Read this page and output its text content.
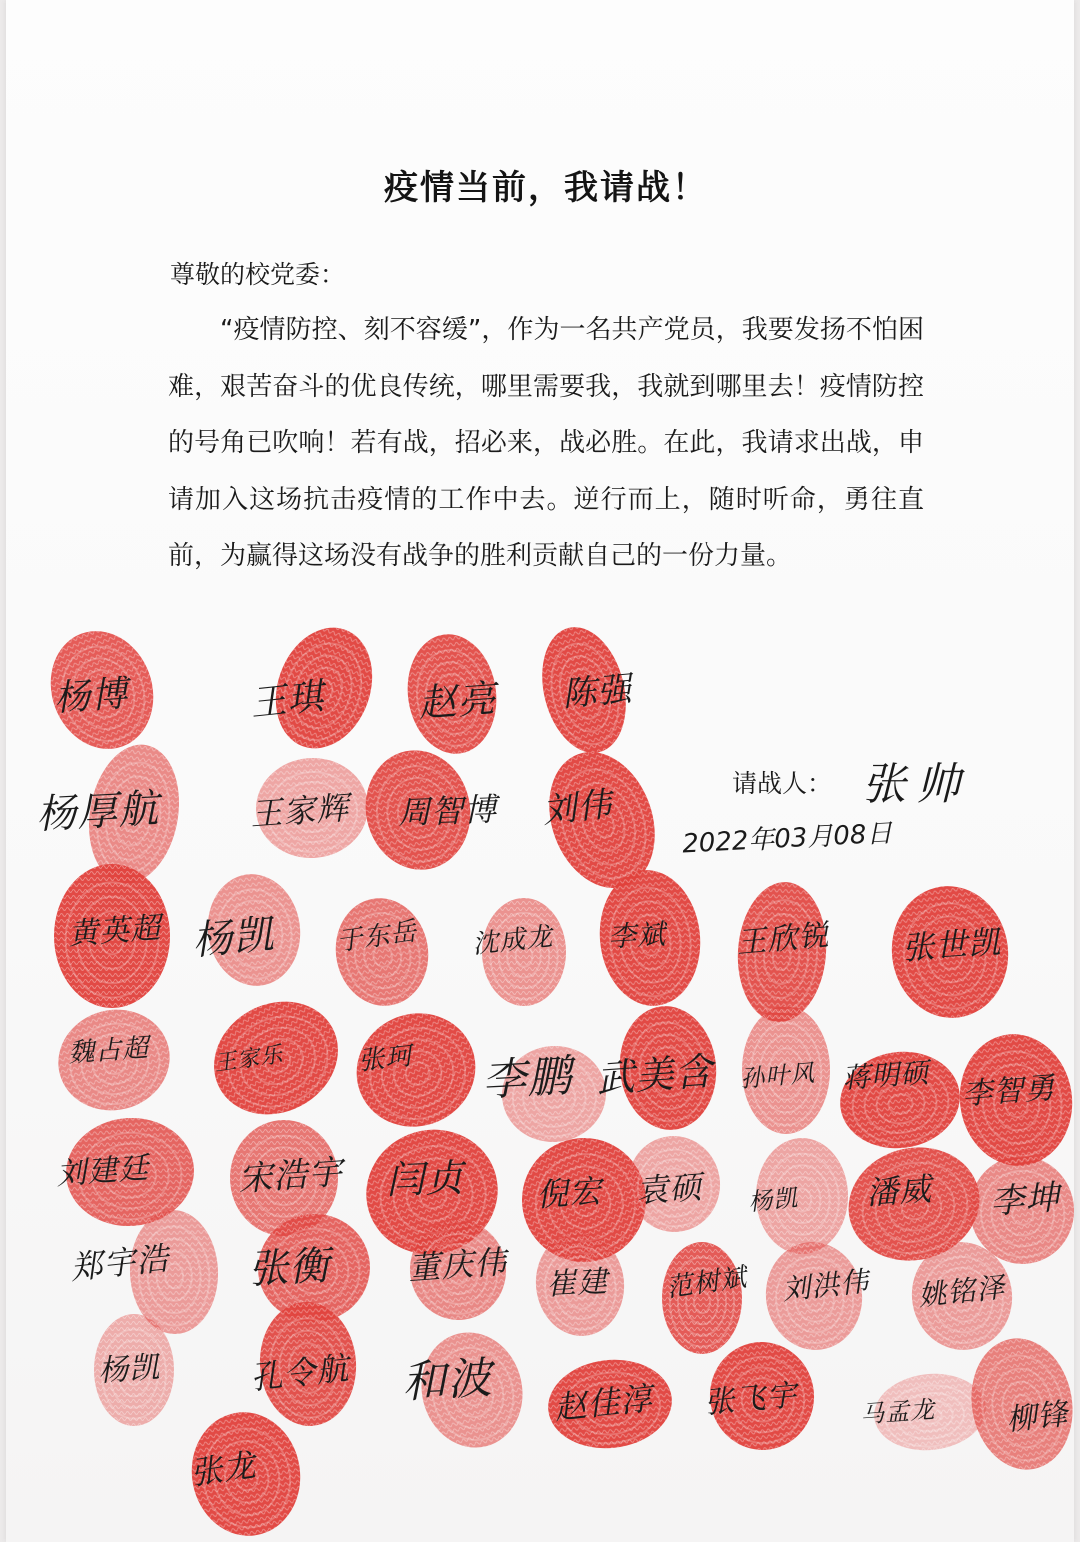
疫情当前，我请战！
尊敬的校党委：

“疫情防控、刻不容缓”，作为一名共产党员，我要发扬不怕困难，艰苦奋斗的优良传统，哪里需要我，我就到哪里去！疫情防控的号角已吹响！若有战，招必来，战必胜。在此，我请求出战，申请加入这场抗击疫情的工作中去。逆行而上，随时听命，勇往直前，为赢得这场没有战争的胜利贡献自己的一份力量。

请战人： 张帅
2022年03月08日
杨博	王琪 赵亮 陈强
杨厚航	王家辉 周智博 刘伟
黄英超 杨凯 于东岳 沈成龙 李斌 王欣锐 张世凯
魏占超	王家乐	张珂 李鹏 武美含 孙叶风 蒋明硕 李智勇
刘建廷	宋浩宇 闫贞 倪宏 袁硕 杨凯 潘威 李坤
郑宇浩 张衡 董庆伟 崔建 范树斌 刘洪伟 姚铭泽
杨凯	孔令航 和波 赵佳淳 张飞宇	马孟龙 柳锋
张龙
